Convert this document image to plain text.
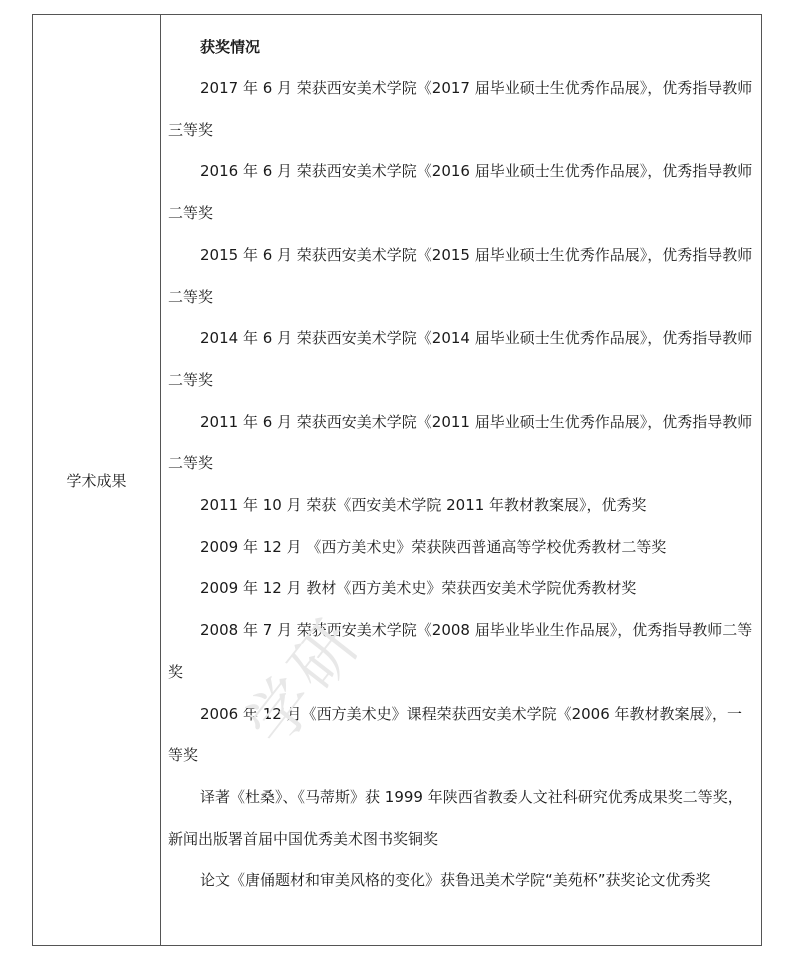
学术成果
学研
获奖情况

2017 年 6 月 荣获西安美术学院《2017 届毕业硕士生优秀作品展》，优秀指导教师三等奖

2016 年 6 月 荣获西安美术学院《2016 届毕业硕士生优秀作品展》，优秀指导教师二等奖

2015 年 6 月 荣获西安美术学院《2015 届毕业硕士生优秀作品展》，优秀指导教师二等奖

2014 年 6 月 荣获西安美术学院《2014 届毕业硕士生优秀作品展》，优秀指导教师二等奖

2011 年 6 月 荣获西安美术学院《2011 届毕业硕士生优秀作品展》，优秀指导教师二等奖

2011 年 10 月 荣获《西安美术学院 2011 年教材教案展》，优秀奖

2009 年 12 月 《西方美术史》荣获陕西普通高等学校优秀教材二等奖

2009 年 12 月 教材《西方美术史》荣获西安美术学院优秀教材奖

2008 年 7 月 荣获西安美术学院《2008 届毕业毕业生作品展》，优秀指导教师二等奖

2006 年 12 月《西方美术史》课程荣获西安美术学院《2006 年教材教案展》，一等奖

译著《杜桑》、《马蒂斯》获 1999 年陕西省教委人文社科研究优秀成果奖二等奖，新闻出版署首届中国优秀美术图书奖铜奖

论文《唐俑题材和审美风格的变化》获鲁迅美术学院“美苑杯”获奖论文优秀奖
